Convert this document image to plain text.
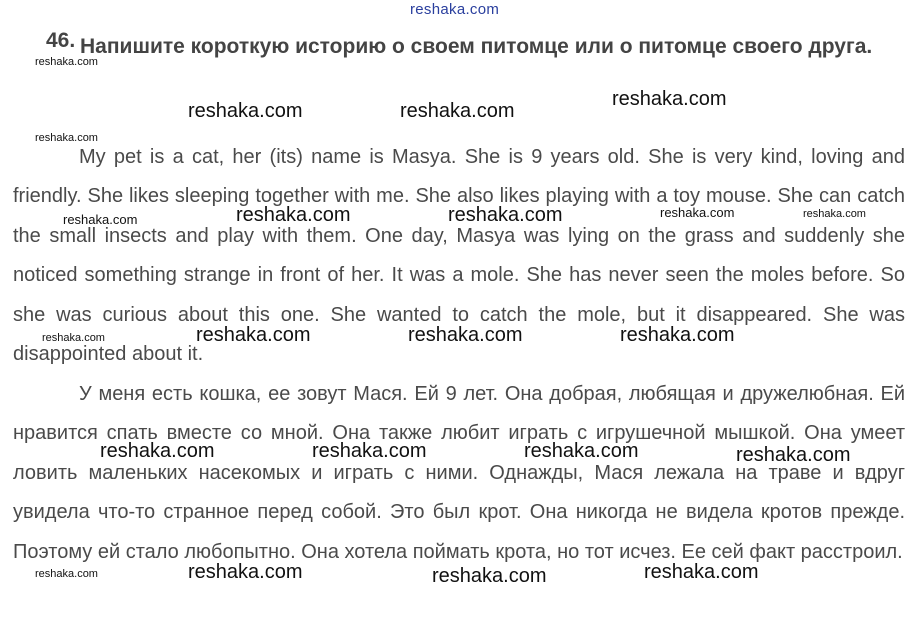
reshaka.com
46. Напишите короткую историю о своем питомце или о питомце своего друга.

My pet is a cat, her (its) name is Masya. She is 9 years old. She is very kind, loving and friendly. She likes sleeping together with me. She also likes playing with a toy mouse. She can catch the small insects and play with them. One day, Masya was lying on the grass and suddenly she noticed something strange in front of her. It was a mole. She has never seen the moles before. So she was curious about this one. She wanted to catch the mole, but it disappeared. She was disappointed about it.

У меня есть кошка, ее зовут Мася. Ей 9 лет. Она добрая, любящая и дружелюбная. Ей нравится спать вместе со мной. Она также любит играть с игрушечной мышкой. Она умеет ловить маленьких насекомых и играть с ними. Однажды, Мася лежала на траве и вдруг увидела что-то странное перед собой. Это был крот. Она никогда не видела кротов прежде. Поэтому ей стало любопытно. Она хотела поймать крота, но тот исчез. Ее сей факт расстроил.

reshaka.com
reshaka.com	reshaka.com
reshaka.com
reshaka.com
reshaka.com	reshaka.com	reshaka.com	reshaka.com	reshaka.com
reshaka.com	reshaka.com	reshaka.com	reshaka.com
reshaka.com	reshaka.com	reshaka.com	reshaka.com
reshaka.com	reshaka.com	reshaka.com	reshaka.com
